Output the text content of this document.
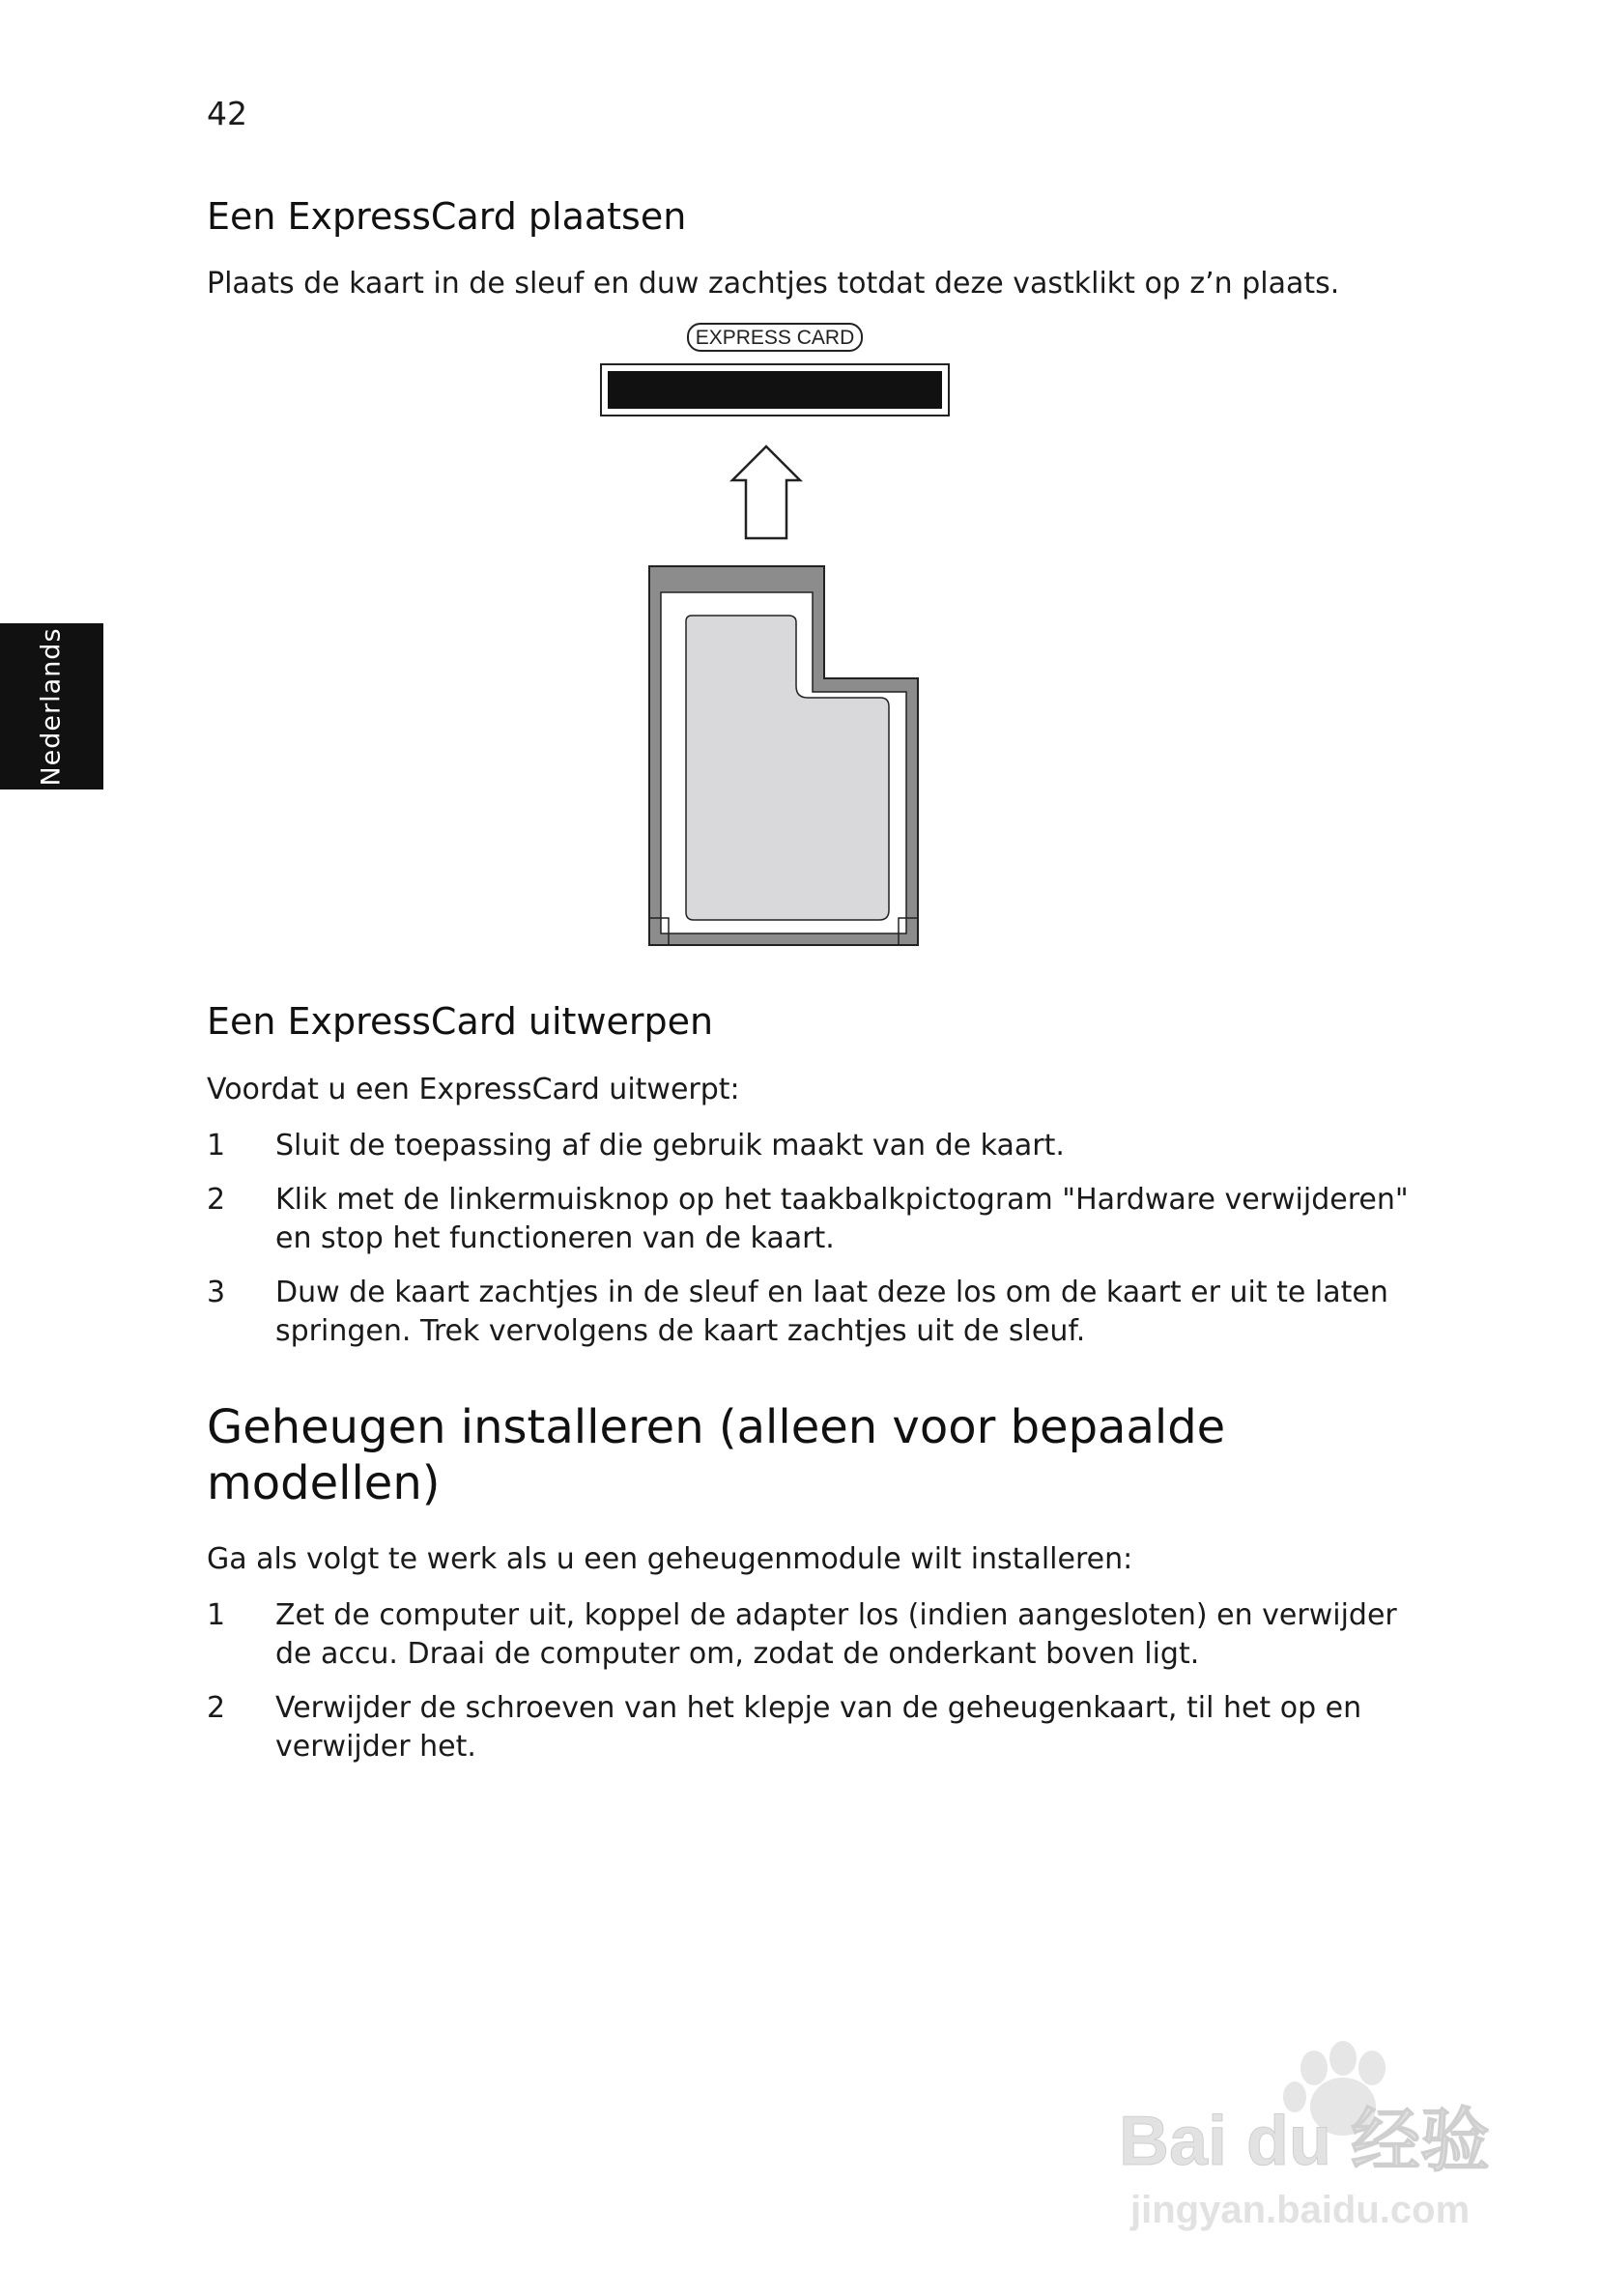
42
Nederlands
Een ExpressCard plaatsen

Plaats de kaart in de sleuf en duw zachtjes totdat deze vastklikt op z’n plaats.

EXPRESS CARD
Een ExpressCard uitwerpen

Voordat u een ExpressCard uitwerpt:

1	Sluit de toepassing af die gebruik maakt van de kaart.
2	Klik met de linkermuisknop op het taakbalkpictogram "Hardware verwijderen" en stop het functioneren van de kaart.
3	Duw de kaart zachtjes in de sleuf en laat deze los om de kaart er uit te laten springen. Trek vervolgens de kaart zachtjes uit de sleuf.
Geheugen installeren (alleen voor bepaalde modellen)

Ga als volgt te werk als u een geheugenmodule wilt installeren:

1	Zet de computer uit, koppel de adapter los (indien aangesloten) en verwijder de accu. Draai de computer om, zodat de onderkant boven ligt.
2	Verwijder de schroeven van het klepje van de geheugenkaart, til het op en verwijder het.
Bai du 经验
jingyan.baidu.com
